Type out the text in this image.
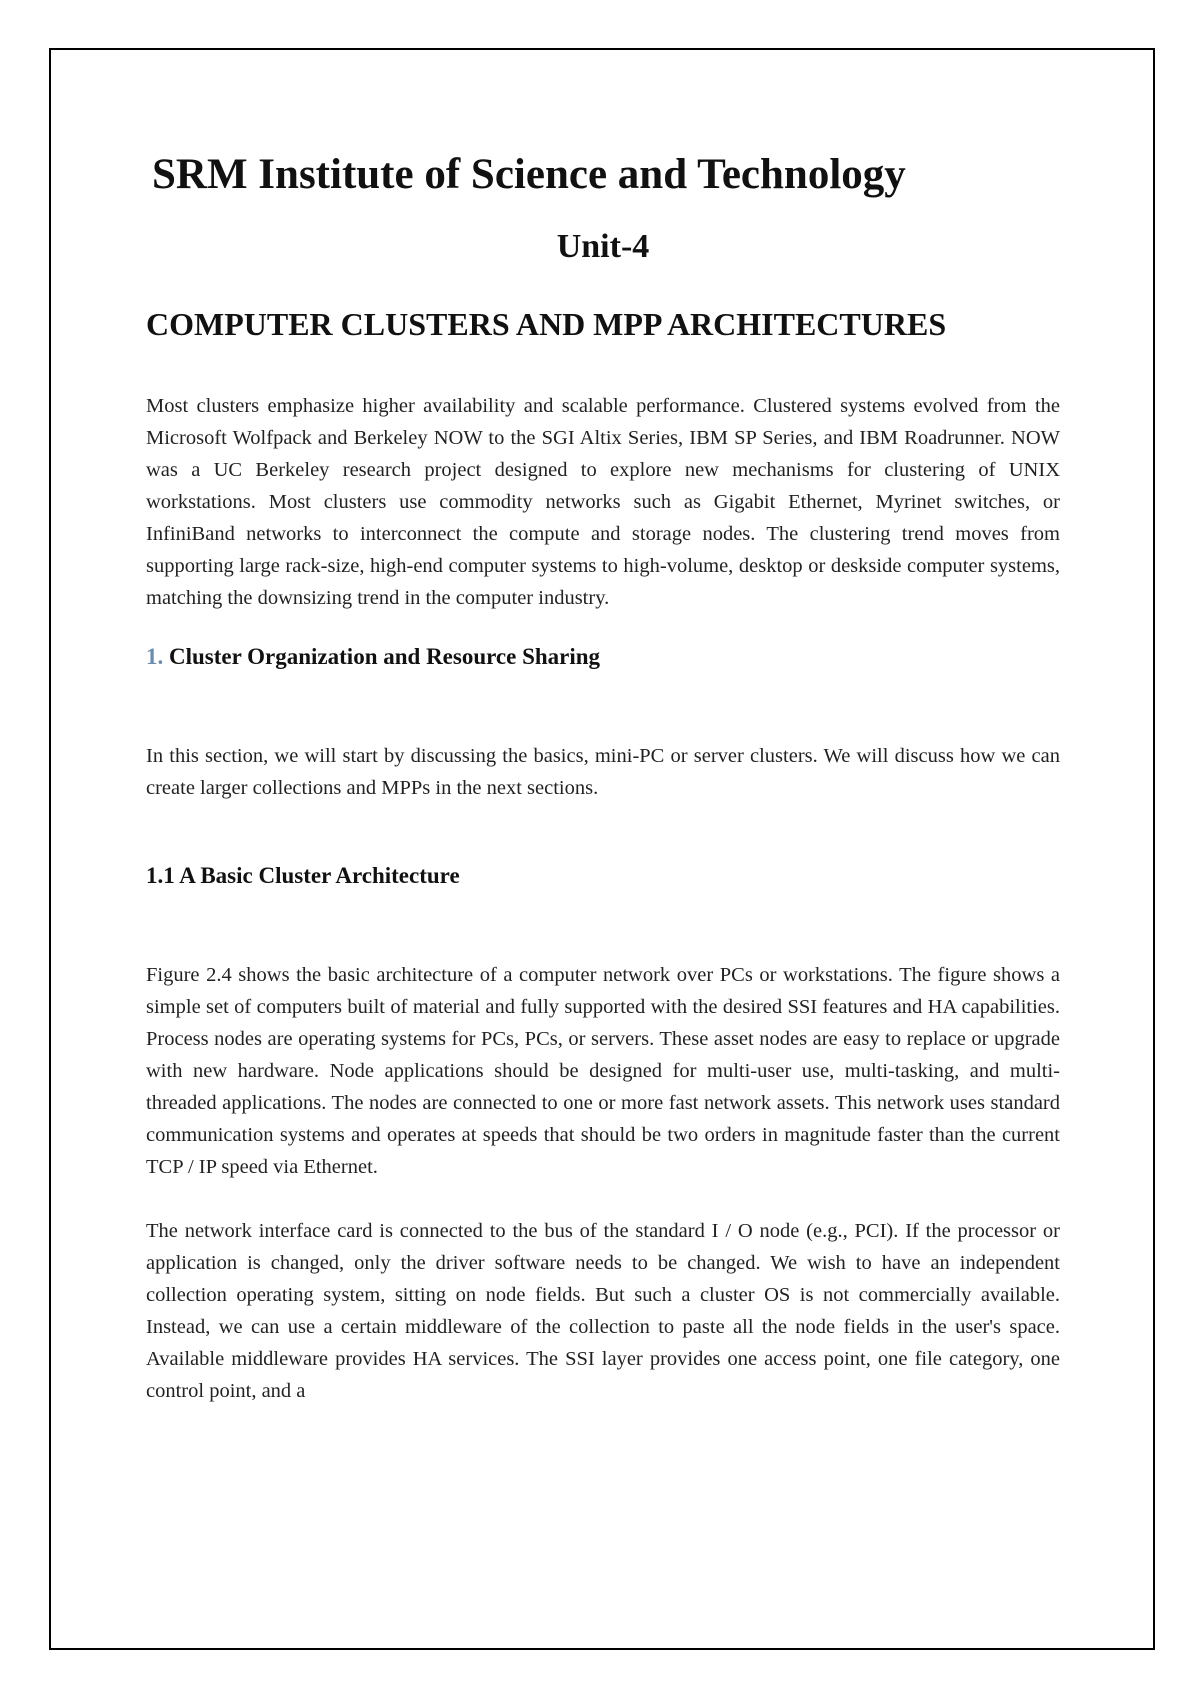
SRM Institute of Science and Technology
Unit-4
COMPUTER CLUSTERS AND MPP ARCHITECTURES

Most clusters emphasize higher availability and scalable performance. Clustered systems evolved from the Microsoft Wolfpack and Berkeley NOW to the SGI Altix Series, IBM SP Series, and IBM Roadrunner. NOW was a UC Berkeley research project designed to explore new mechanisms for clustering of UNIX workstations. Most clusters use commodity networks such as Gigabit Ethernet, Myrinet switches, or InfiniBand networks to interconnect the compute and storage nodes. The clustering trend moves from supporting large rack-size, high-end computer systems to high-volume, desktop or deskside computer systems, matching the downsizing trend in the computer industry.

1. Cluster Organization and Resource Sharing

In this section, we will start by discussing the basics, mini-PC or server clusters. We will discuss how we can create larger collections and MPPs in the next sections.

1.1 A Basic Cluster Architecture

Figure 2.4 shows the basic architecture of a computer network over PCs or workstations. The figure shows a simple set of computers built of material and fully supported with the desired SSI features and HA capabilities. Process nodes are operating systems for PCs, PCs, or servers. These asset nodes are easy to replace or upgrade with new hardware. Node applications should be designed for multi-user use, multi-tasking, and multi-threaded applications. The nodes are connected to one or more fast network assets. This network uses standard communication systems and operates at speeds that should be two orders in magnitude faster than the current TCP / IP speed via Ethernet.

The network interface card is connected to the bus of the standard I / O node (e.g., PCI). If the processor or application is changed, only the driver software needs to be changed. We wish to have an independent collection operating system, sitting on node fields. But such a cluster OS is not commercially available. Instead, we can use a certain middleware of the collection to paste all the node fields in the user's space. Available middleware provides HA services. The SSI layer provides one access point, one file category, one control point, and a
